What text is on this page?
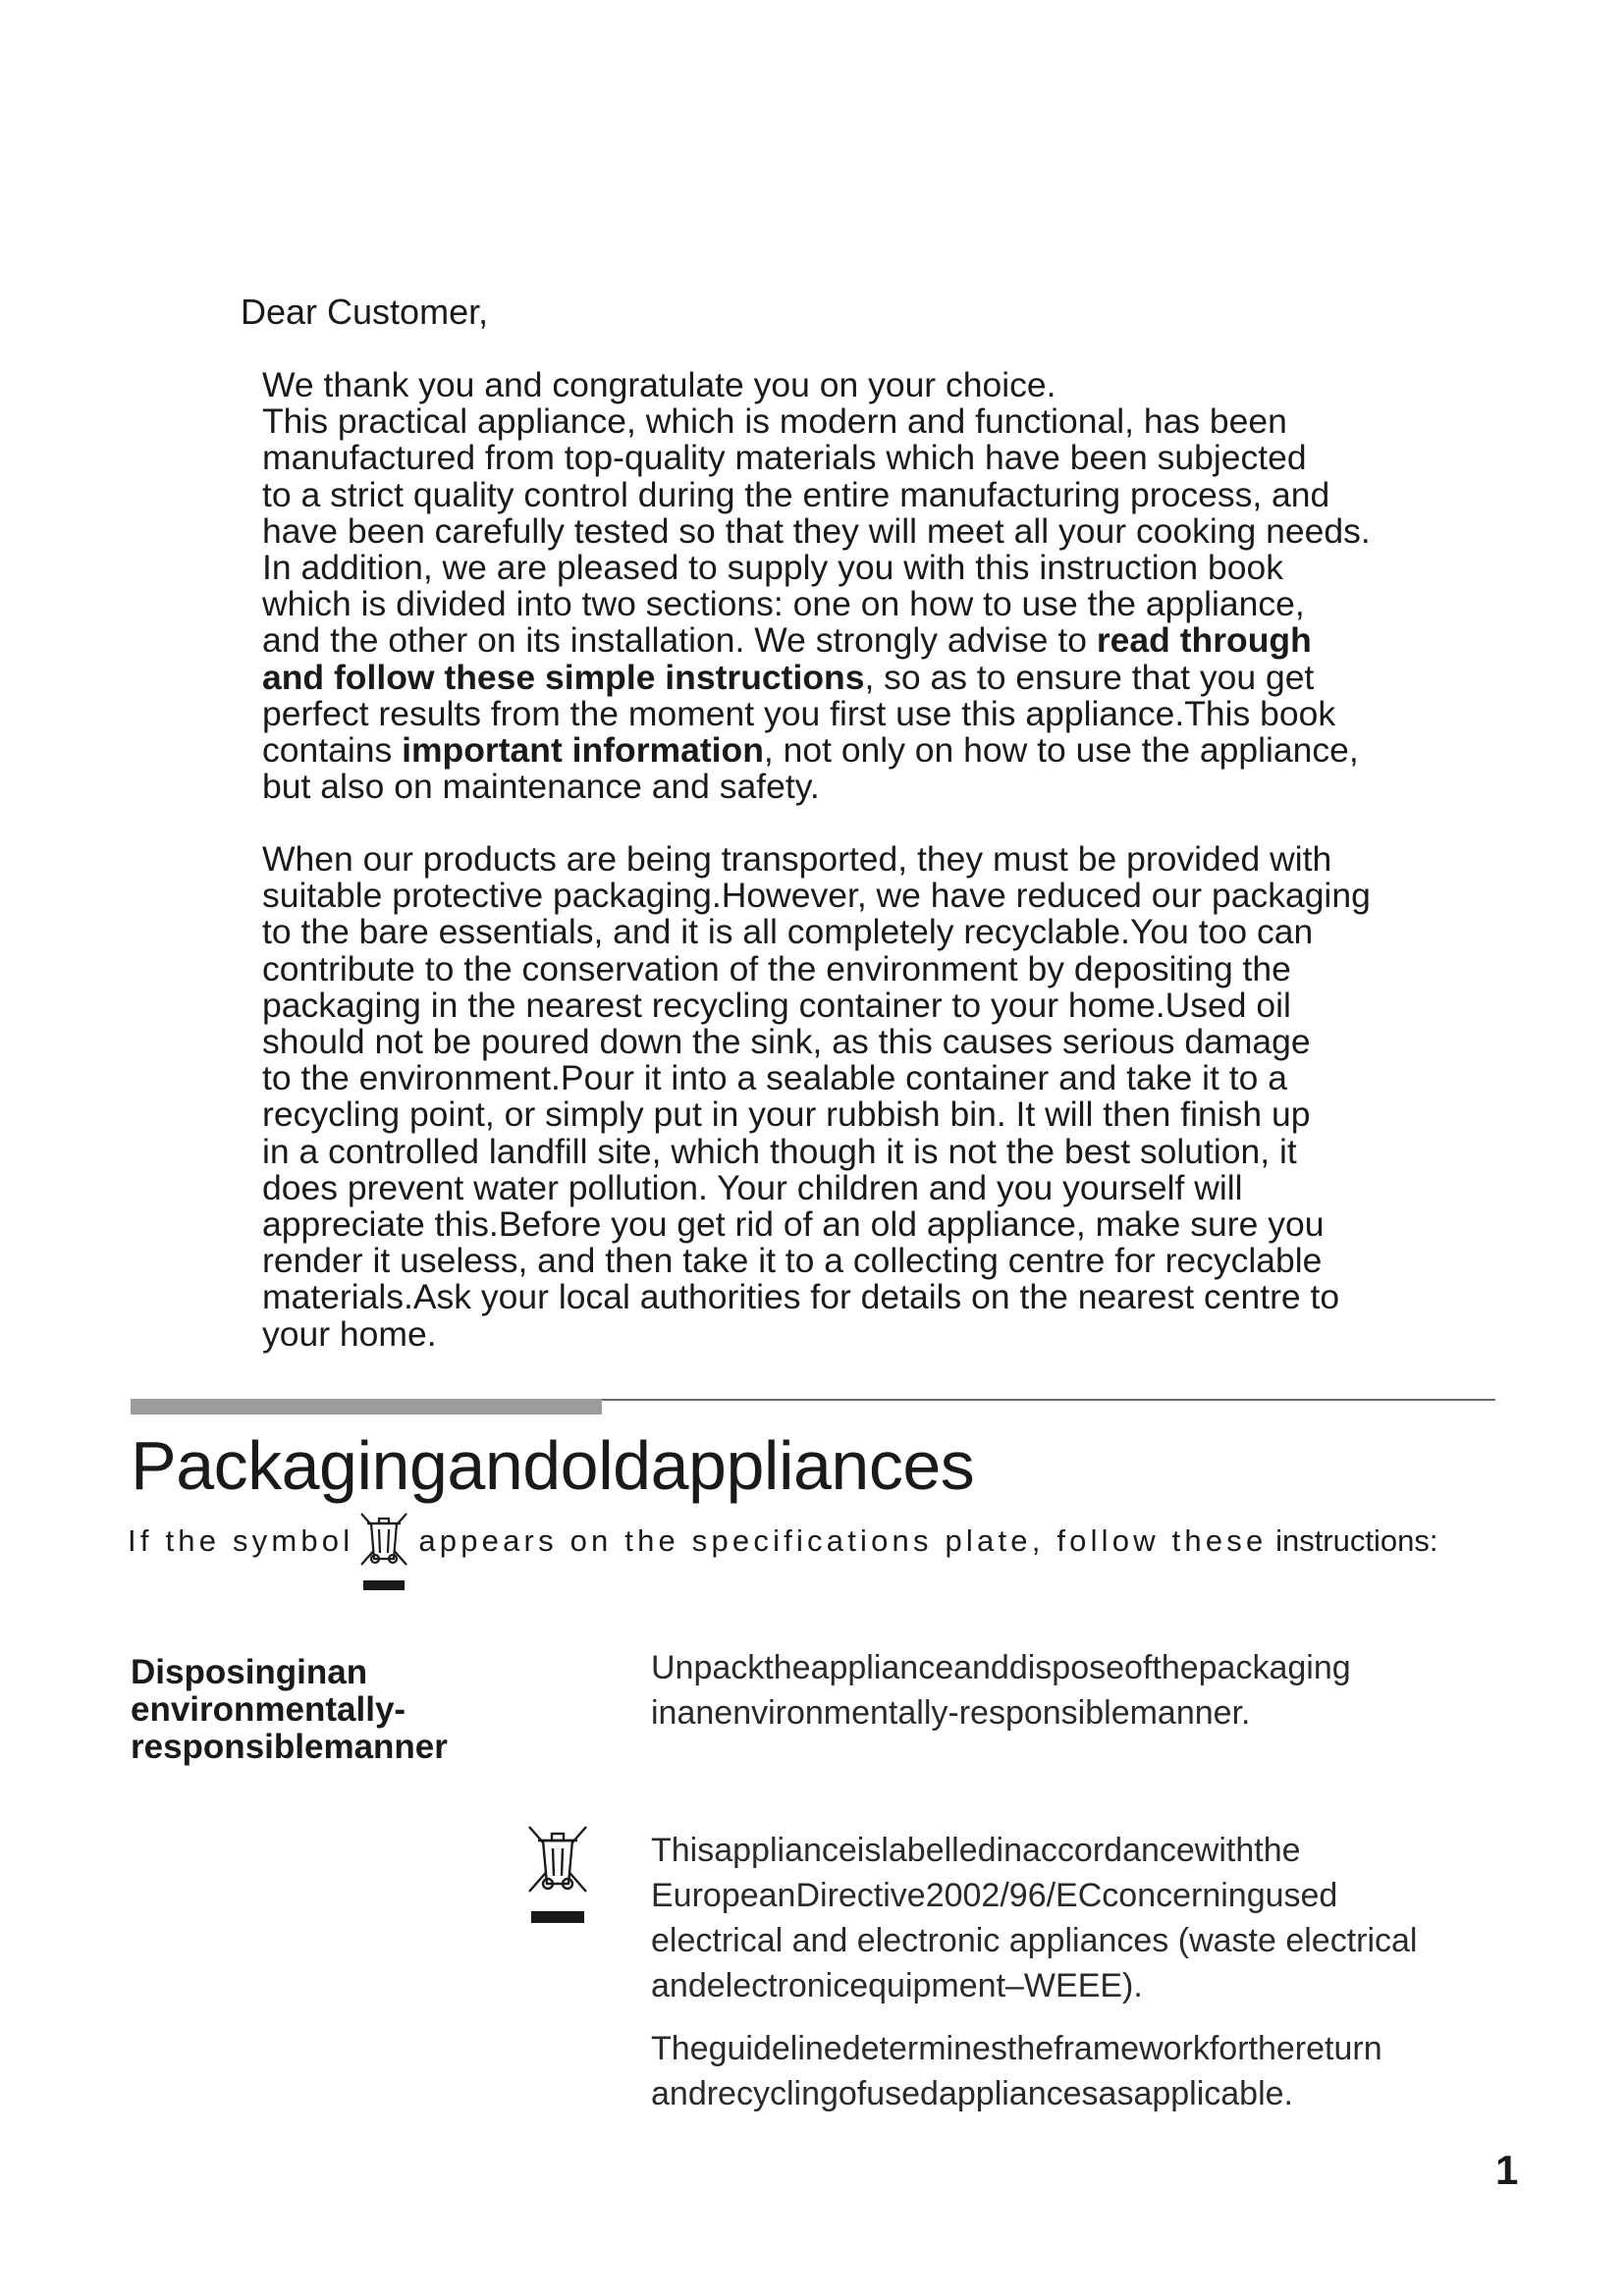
Dear Customer,

We thank you and congratulate you on your choice.

This practical appliance, which is modern and functional, has been

manufactured from top-quality materials which have been subjected

to a strict quality control during the entire manufacturing process, and

have been carefully tested so that they will meet all your cooking needs.

In addition, we are pleased to supply you with this instruction book

which is divided into two sections: one on how to use the appliance,

and the other on its installation. We strongly advise to read through

and follow these simple instructions, so as to ensure that you get

perfect results from the moment you first use this appliance.This book

contains important information, not only on how to use the appliance,

but also on maintenance and safety.

When our products are being transported, they must be provided with

suitable protective packaging.However, we have reduced our packaging

to the bare essentials, and it is all completely recyclable.You too can

contribute to the conservation of the environment by depositing the

packaging in the nearest recycling container to your home.Used oil

should not be poured down the sink, as this causes serious damage

to the environment.Pour it into a sealable container and take it to a

recycling point, or simply put in your rubbish bin. It will then finish up

in a controlled landfill site, which though it is not the best solution, it

does prevent water pollution. Your children and you yourself will

appreciate this.Before you get rid of an old appliance, make sure you

render it useless, and then take it to a collecting centre for recyclable

materials.Ask your local authorities for details on the nearest centre to

your home.

Packagingandoldappliances

If the symbol appears on the specifications plate, follow these instructions:

Disposinginan
environmentally-
responsiblemanner

Unpacktheapplianceanddisposeofthepackaging

inanenvironmentally-responsiblemanner.

Thisapplianceislabelledinaccordancewiththe

EuropeanDirective2002/96/ECconcerningused

electrical and electronic appliances (waste electrical

andelectronicequipment–WEEE).

Theguidelinedeterminestheframeworkforthereturn

andrecyclingofusedappliancesasapplicable.

1
